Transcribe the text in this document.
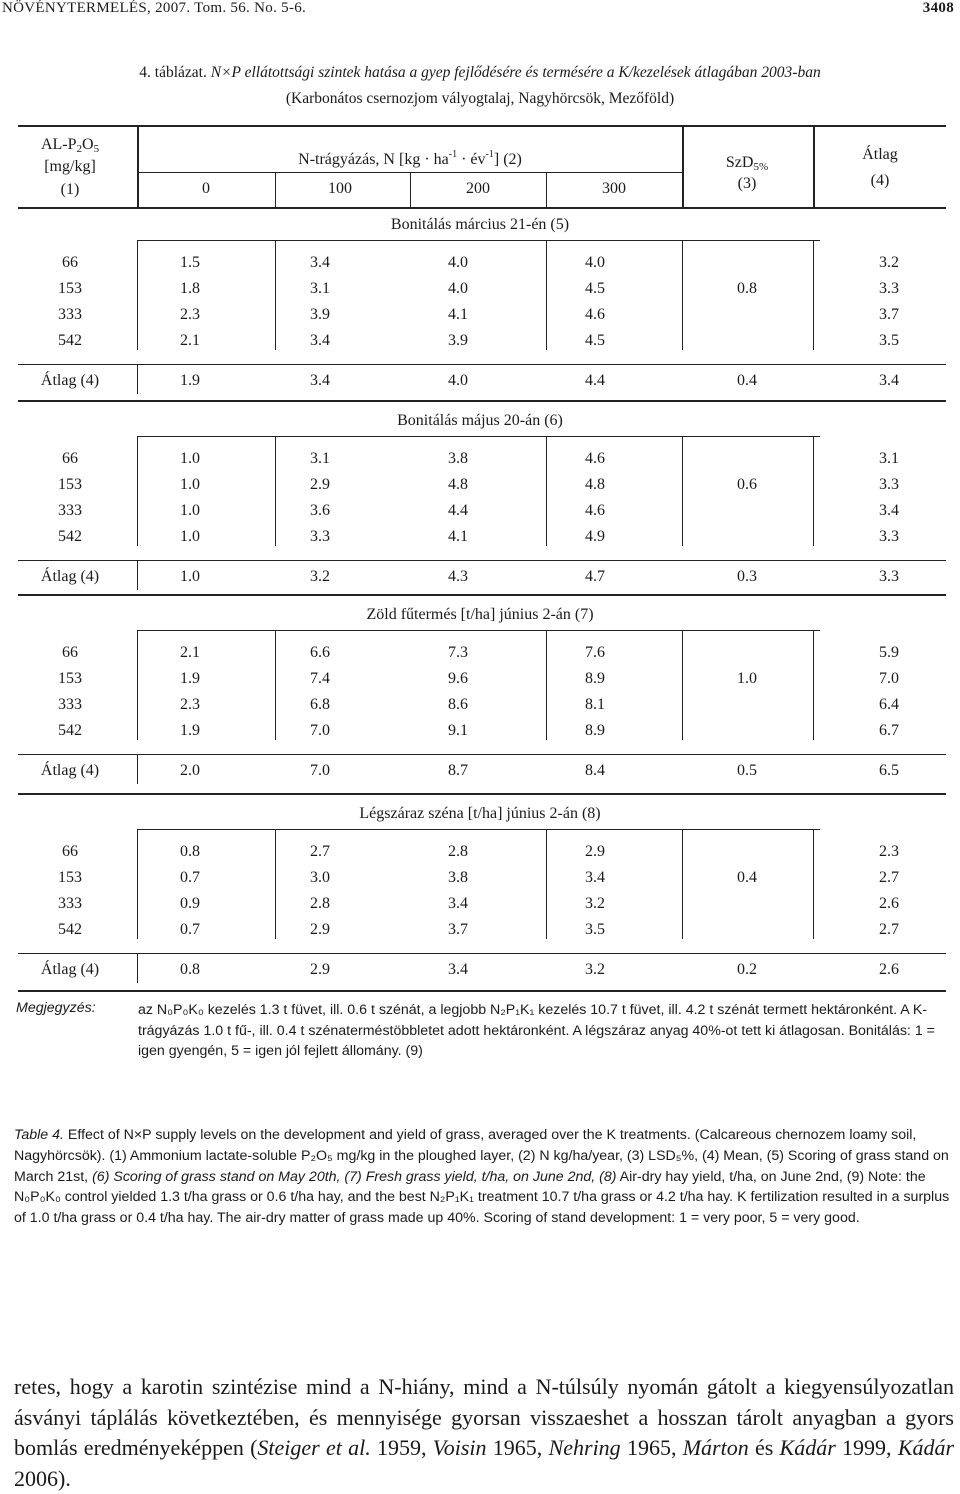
NÖVÉNYTERMELÉS, 2007. Tom. 56. No. 5-6.	3408
4. táblázat. N×P ellátottsági szintek hatása a gyep fejlődésére és termésére a K/kezelések átlagában 2003-ban
(Karbonátos csernozjom vályogtalaj, Nagyhörcsök, Mezőföld)
$AL-P_2O_5$
[mg/kg]
(1)
N-trágyázás, N [$kg \cdot ha^{-1}$ · $év^{-1}$] (2)
0	100	200	300
SzD$_{5\%}$
(3)
Átlag
(4)
Bonitálás március 21-én (5)
66	1.5	3.4	4.0	4.0	3.2
153	1.8	3.1	4.0	4.5	3.3
333	2.3	3.9	4.1	4.6	3.7
542	2.1	3.4	3.9	4.5	3.5
0.8
Átlag (4)	1.9	3.4	4.0	4.4	0.4	3.4
Bonitálás május 20-án (6)
66	1.0	3.1	3.8	4.6	3.1
153	1.0	2.9	4.8	4.8	3.3
333	1.0	3.6	4.4	4.6	3.4
542	1.0	3.3	4.1	4.9	3.3
0.6
Átlag (4)	1.0	3.2	4.3	4.7	0.3	3.3
Zöld fűtermés [t/ha] június 2-án (7)
66	2.1	6.6	7.3	7.6	5.9
153	1.9	7.4	9.6	8.9	7.0
333	2.3	6.8	8.6	8.1	6.4
542	1.9	7.0	9.1	8.9	6.7
1.0
Átlag (4)	2.0	7.0	8.7	8.4	0.5	6.5
Légszáraz széna [t/ha] június 2-án (8)
66	0.8	2.7	2.8	2.9	2.3
153	0.7	3.0	3.8	3.4	2.7
333	0.9	2.8	3.4	3.2	2.6
542	0.7	2.9	3.7	3.5	2.7
0.4
Átlag (4)	0.8	2.9	3.4	3.2	0.2	2.6
Megjegyzés:	az N₀P₀K₀ kezelés 1.3 t füvet, ill. 0.6 t szénát, a legjobb N₂P₁K₁ kezelés 10.7 t füvet, ill. 4.2 t szénát termett hektáronként. A K-trágyázás 1.0 t fű-, ill. 0.4 t szénaterméstöbbletet adott hektáronként. A légszáraz anyag 40%-ot tett ki átlagosan. Bonitálás: 1 = igen gyengén, 5 = igen jól fejlett állomány. (9)
Table 4. Effect of N×P supply levels on the development and yield of grass, averaged over the K treatments. (Calcareous chernozem loamy soil, Nagyhörcsök). (1) Ammonium lactate-soluble P₂O₅ mg/kg in the ploughed layer, (2) N kg/ha/year, (3) LSD₅%, (4) Mean, (5) Scoring of grass stand on March 21st, (6) Scoring of grass stand on May 20th, (7) Fresh grass yield, t/ha, on June 2nd, (8) Air-dry hay yield, t/ha, on June 2nd, (9) Note: the N₀P₀K₀ control yielded 1.3 t/ha grass or 0.6 t/ha hay, and the best N₂P₁K₁ treatment 10.7 t/ha grass or 4.2 t/ha hay. K fertilization resulted in a surplus of 1.0 t/ha grass or 0.4 t/ha hay. The air-dry matter of grass made up 40%. Scoring of stand development: 1 = very poor, 5 = very good.
retes, hogy a karotin szintézise mind a N-hiány, mind a N-túlsúly nyomán gátolt a kiegyensúlyozatlan ásványi táplálás következtében, és mennyisége gyorsan visszaeshet a hosszan tárolt anyagban a gyors bomlás eredményeképpen (Steiger et al. 1959, Voisin 1965, Nehring 1965, Márton és Kádár 1999, Kádár 2006).
